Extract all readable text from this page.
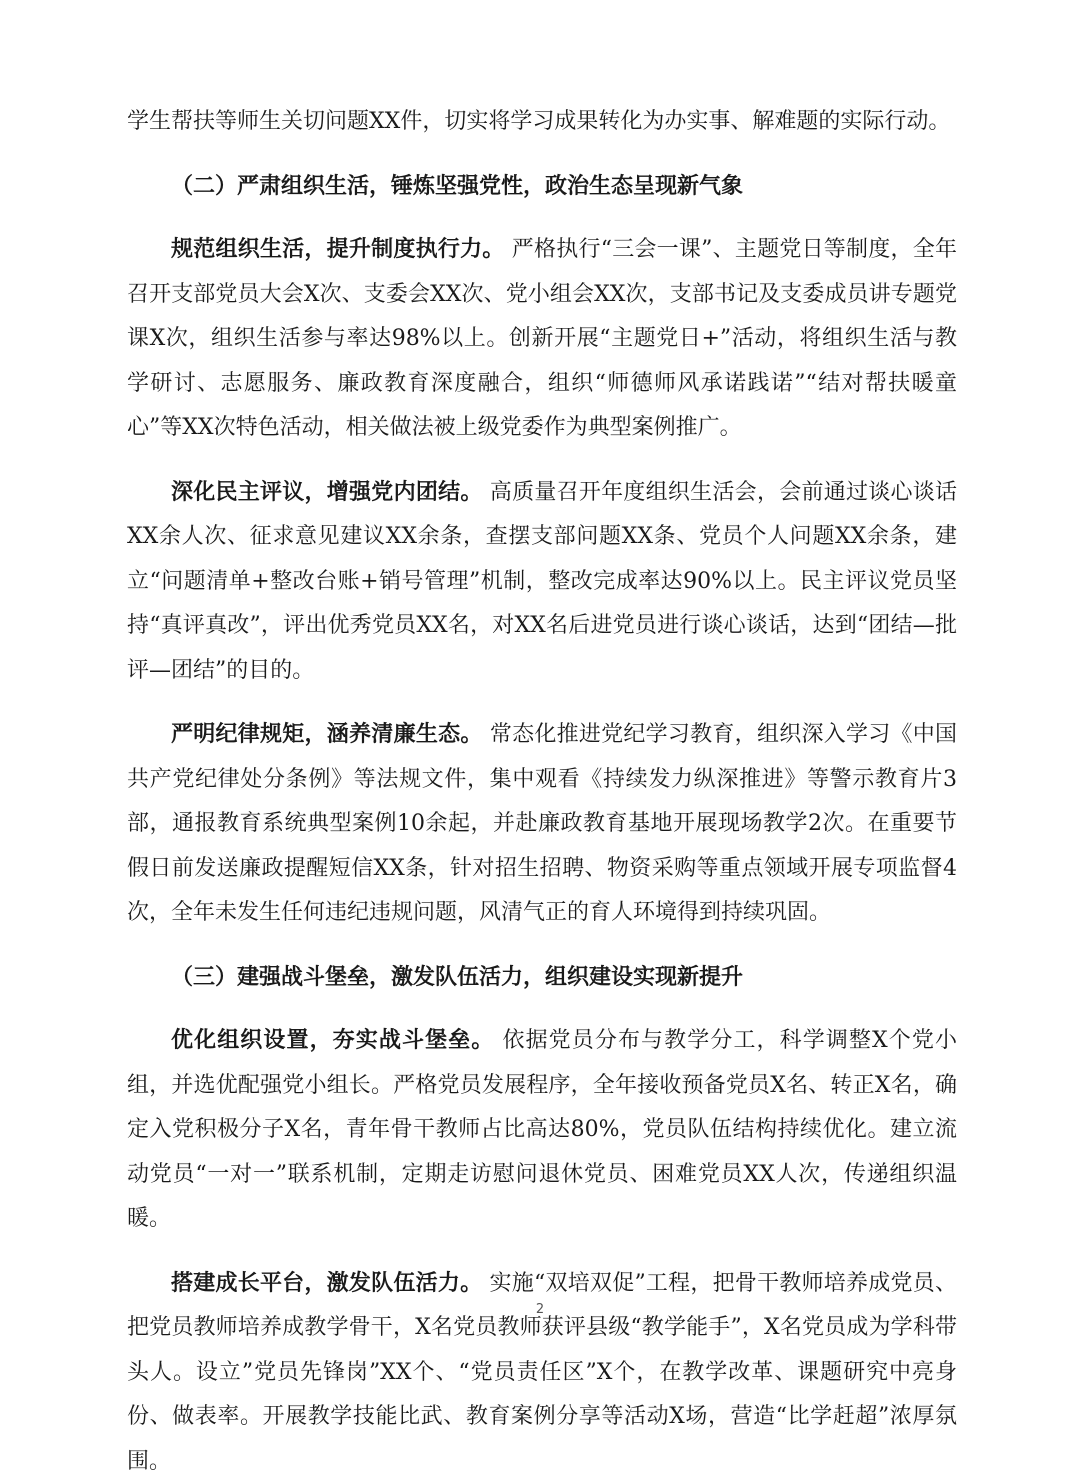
学生帮扶等师生关切问题XX件，切实将学习成果转化为办实事、解难题的实际行动。

（二）严肃组织生活，锤炼坚强党性，政治生态呈现新气象

规范组织生活，提升制度执行力。 严格执行“三会一课”、主题党日等制度，全年召开支部党员大会X次、支委会XX次、党小组会XX次，支部书记及支委成员讲专题党课X次，组织生活参与率达98%以上。创新开展“主题党日+”活动，将组织生活与教学研讨、志愿服务、廉政教育深度融合，组织“师德师风承诺践诺”“结对帮扶暖童心”等XX次特色活动，相关做法被上级党委作为典型案例推广。

深化民主评议，增强党内团结。 高质量召开年度组织生活会，会前通过谈心谈话XX余人次、征求意见建议XX余条，查摆支部问题XX条、党员个人问题XX余条，建立“问题清单+整改台账+销号管理”机制，整改完成率达90%以上。民主评议党员坚持“真评真改”，评出优秀党员XX名，对XX名后进党员进行谈心谈话，达到“团结—批评—团结”的目的。

严明纪律规矩，涵养清廉生态。 常态化推进党纪学习教育，组织深入学习《中国共产党纪律处分条例》等法规文件，集中观看《持续发力纵深推进》等警示教育片3部，通报教育系统典型案例10余起，并赴廉政教育基地开展现场教学2次。在重要节假日前发送廉政提醒短信XX条，针对招生招聘、物资采购等重点领域开展专项监督4次，全年未发生任何违纪违规问题，风清气正的育人环境得到持续巩固。

（三）建强战斗堡垒，激发队伍活力，组织建设实现新提升

优化组织设置，夯实战斗堡垒。 依据党员分布与教学分工，科学调整X个党小组，并选优配强党小组长。严格党员发展程序，全年接收预备党员X名、转正X名，确定入党积极分子X名，青年骨干教师占比高达80%，党员队伍结构持续优化。建立流动党员“一对一”联系机制，定期走访慰问退休党员、困难党员XX人次，传递组织温暖。

搭建成长平台，激发队伍活力。 实施“双培双促”工程，把骨干教师培养成党员、把党员教师培养成教学骨干，X名党员教师获评县级“教学能手”，X名党员成为学科带头人。设立”党员先锋岗”XX个、“党员责任区”X个，在教学改革、课题研究中亮身份、做表率。开展教学技能比武、教育案例分享等活动X场，营造“比学赶超”浓厚氛围。

2
